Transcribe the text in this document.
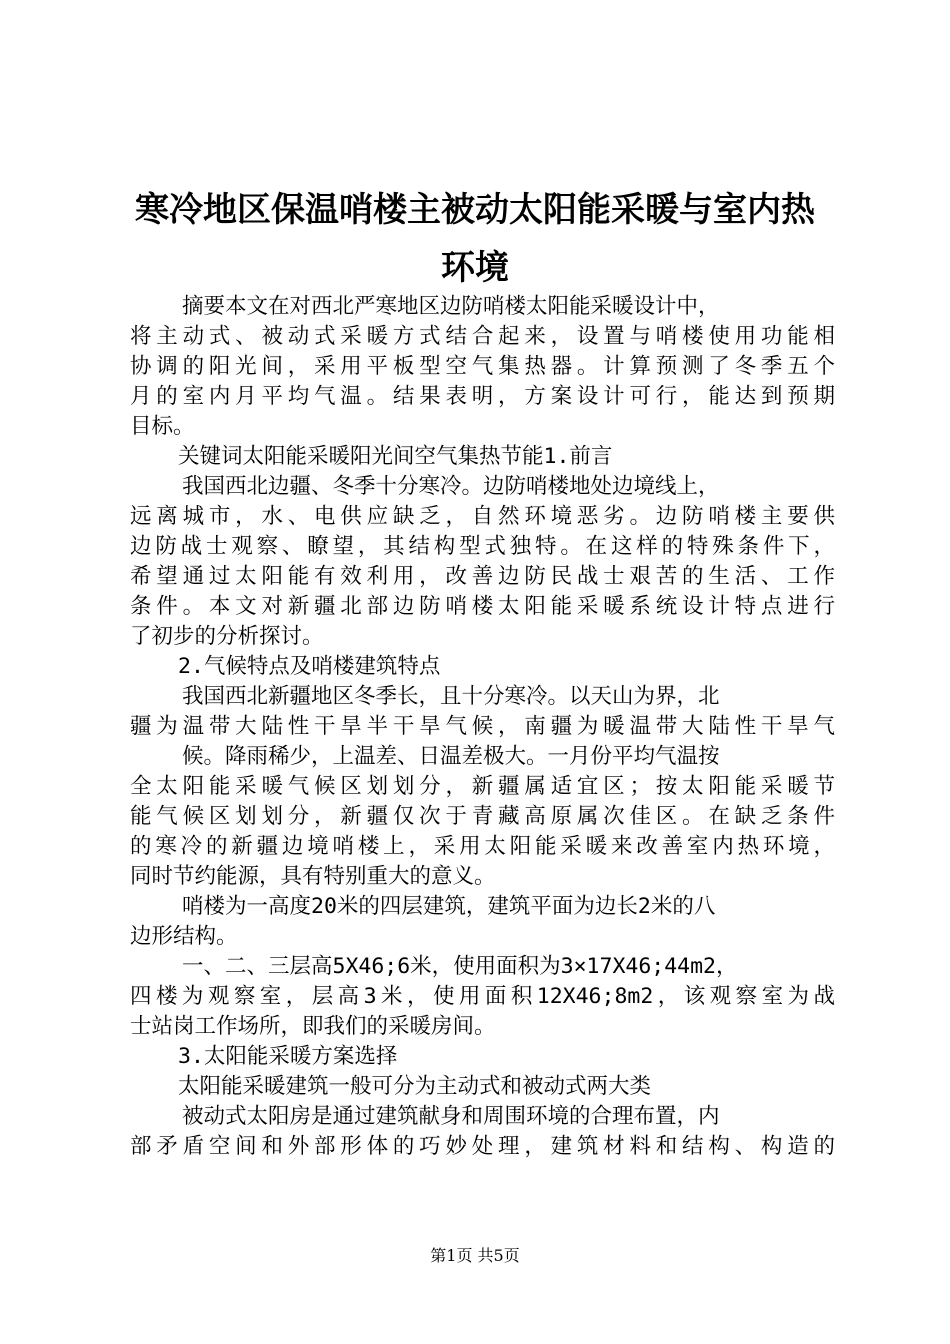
寒冷地区保温哨楼主被动太阳能采暖与室内热
环境
摘要本文在对西北严寒地区边防哨楼太阳能采暖设计中，
将主动式、被动式采暖方式结合起来，设置与哨楼使用功能相
协调的阳光间，采用平板型空气集热器。计算预测了冬季五个
月的室内月平均气温。结果表明，方案设计可行，能达到预期
目标。
关键词太阳能采暖阳光间空气集热节能1.前言
我国西北边疆、冬季十分寒冷。边防哨楼地处边境线上，
远离城市，水、电供应缺乏，自然环境恶劣。边防哨楼主要供
边防战士观察、瞭望，其结构型式独特。在这样的特殊条件下，
希望通过太阳能有效利用，改善边防民战士艰苦的生活、工作
条件。本文对新疆北部边防哨楼太阳能采暖系统设计特点进行
了初步的分析探讨。
2.气候特点及哨楼建筑特点
我国西北新疆地区冬季长，且十分寒冷。以天山为界，北
疆为温带大陆性干旱半干旱气候，南疆为暖温带大陆性干旱气
候。降雨稀少，上温差、日温差极大。一月份平均气温按
全太阳能采暖气候区划划分，新疆属适宜区；按太阳能采暖节
能气候区划划分，新疆仅次于青藏高原属次佳区。在缺乏条件
的寒冷的新疆边境哨楼上，采用太阳能采暖来改善室内热环境，
同时节约能源，具有特别重大的意义。
哨楼为一高度20米的四层建筑，建筑平面为边长2米的八
边形结构。
一、二、三层高5X46;6米，使用面积为3×17X46;44m2，
四楼为观察室，层高3米，使用面积12X46;8m2，该观察室为战
士站岗工作场所，即我们的采暖房间。
3.太阳能采暖方案选择
太阳能采暖建筑一般可分为主动式和被动式两大类
被动式太阳房是通过建筑献身和周围环境的合理布置，内
部矛盾空间和外部形体的巧妙处理，建筑材料和结构、构造的
第1页 共5页
